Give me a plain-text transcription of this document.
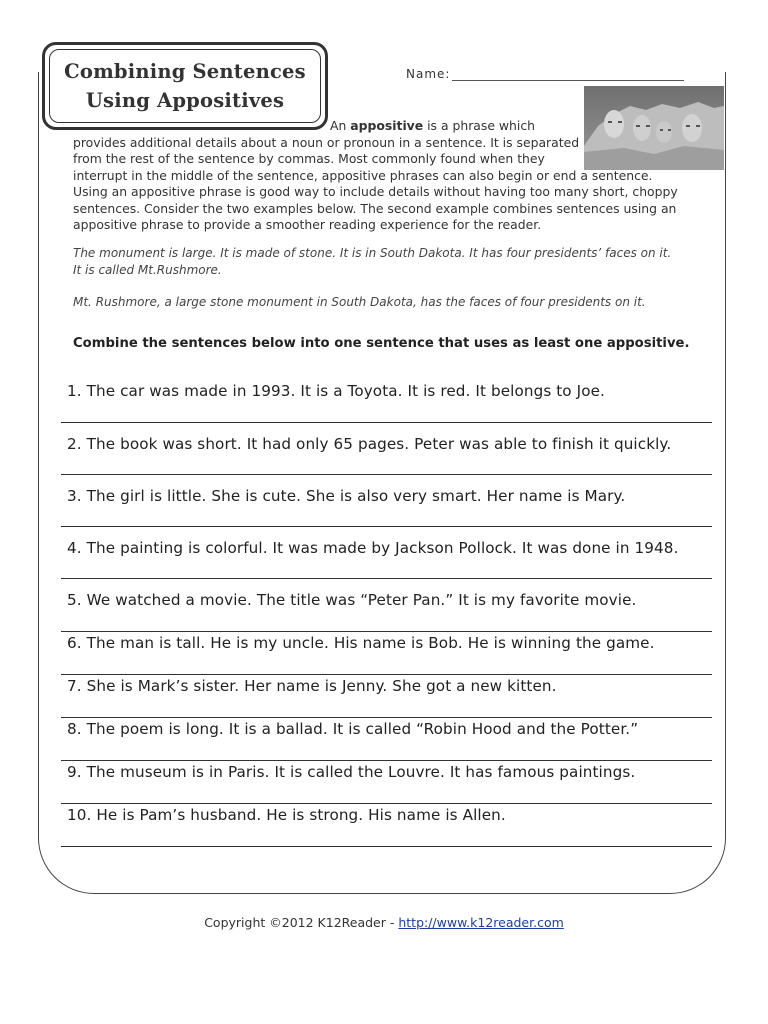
Combining Sentences
Using Appositives
Name:

An appositive is a phrase which

provides additional details about a noun or pronoun in a sentence. It is separated

from the rest of the sentence by commas. Most commonly found when they

interrupt in the middle of the sentence, appositive phrases can also begin or end a sentence.

Using an appositive phrase is good way to include details without having too many short, choppy

sentences. Consider the two examples below. The second example combines sentences using an

appositive phrase to provide a smoother reading experience for the reader.

The monument is large. It is made of stone. It is in South Dakota. It has four presidents’ faces on it.
It is called Mt.Rushmore.
Mt. Rushmore, a large stone monument in South Dakota, has the faces of four presidents on it.
Combine the sentences below into one sentence that uses as least one appositive.
1. The car was made in 1993. It is a Toyota. It is red. It belongs to Joe.
2. The book was short. It had only 65 pages. Peter was able to finish it quickly.
3. The girl is little. She is cute. She is also very smart. Her name is Mary.
4. The painting is colorful. It was made by Jackson Pollock. It was done in 1948.
5. We watched a movie. The title was “Peter Pan.” It is my favorite movie.
6. The man is tall. He is my uncle. His name is Bob. He is winning the game.
7. She is Mark’s sister. Her name is Jenny. She got a new kitten.
8. The poem is long. It is a ballad. It is called “Robin Hood and the Potter.”
9. The museum is in Paris. It is called the Louvre. It has famous paintings.
10. He is Pam’s husband. He is strong. His name is Allen.
Copyright ©2012 K12Reader - http://www.k12reader.com
